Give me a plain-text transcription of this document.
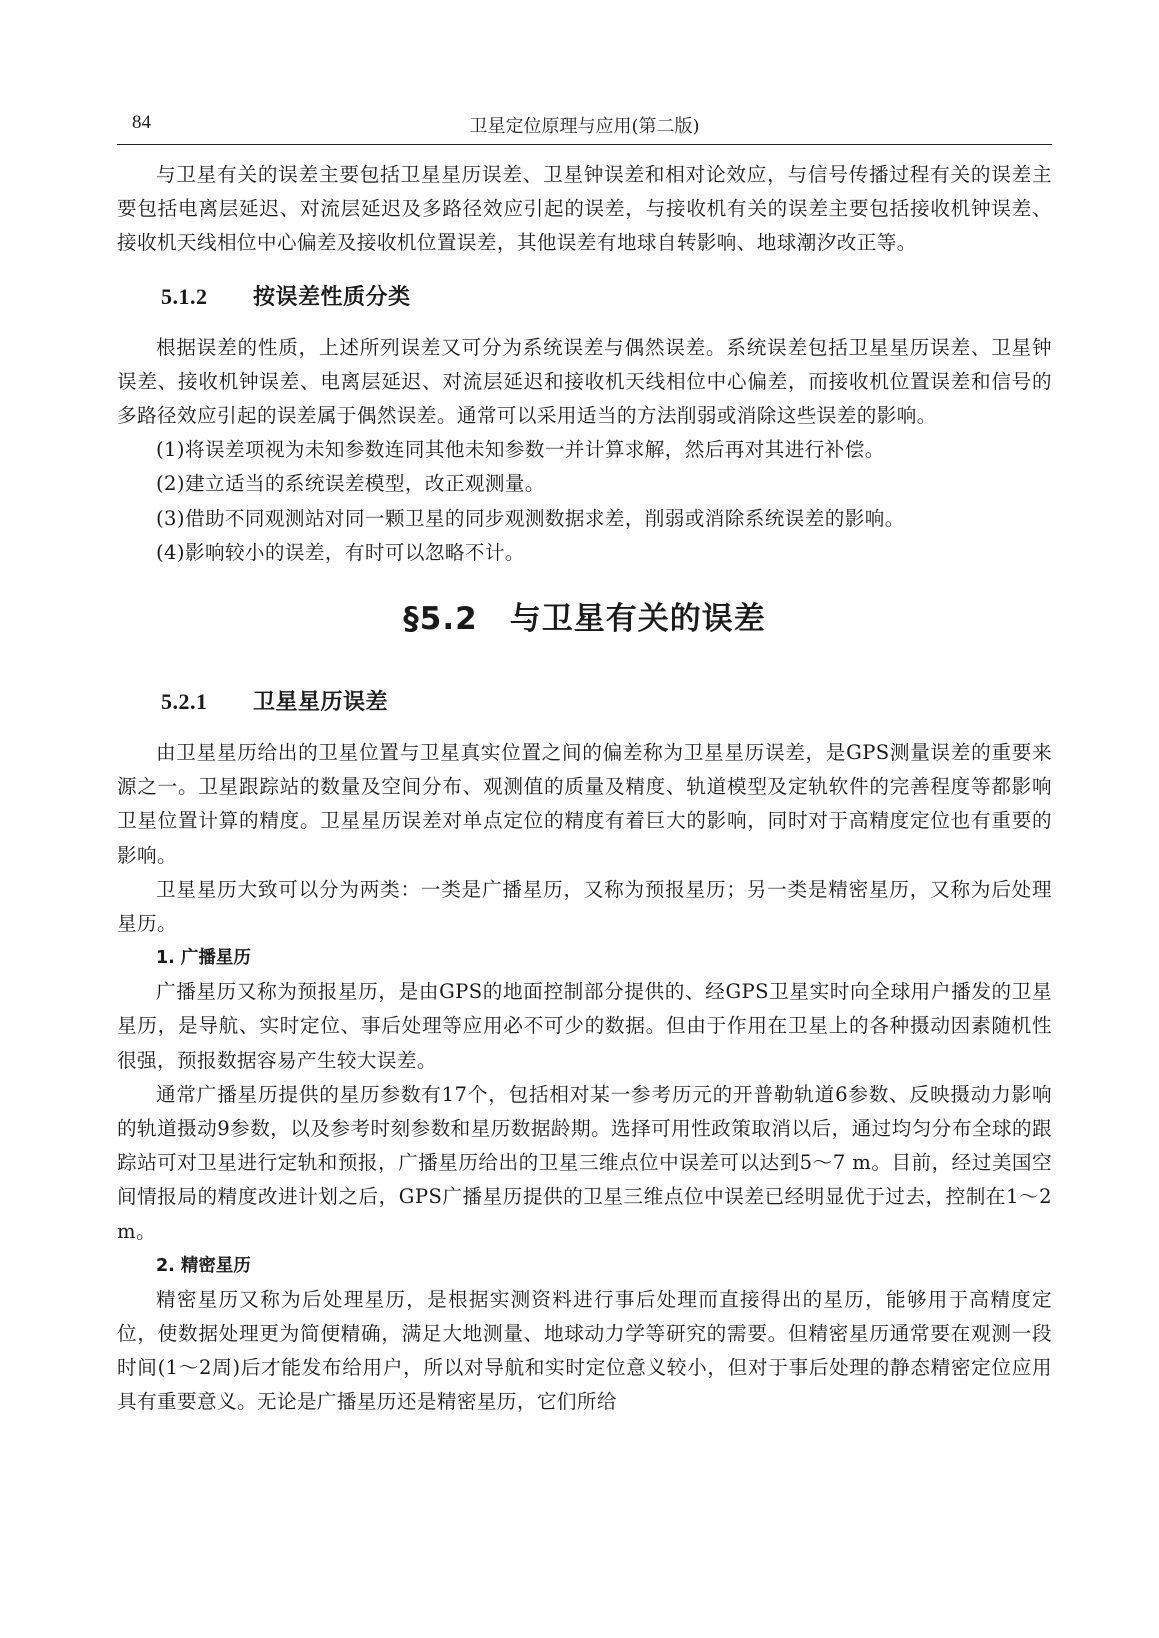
84	卫星定位原理与应用(第二版)

与卫星有关的误差主要包括卫星星历误差、卫星钟误差和相对论效应，与信号传播过程有关的误差主要包括电离层延迟、对流层延迟及多路径效应引起的误差，与接收机有关的误差主要包括接收机钟误差、接收机天线相位中心偏差及接收机位置误差，其他误差有地球自转影响、地球潮汐改正等。

5.1.2 按误差性质分类

根据误差的性质，上述所列误差又可分为系统误差与偶然误差。系统误差包括卫星星历误差、卫星钟误差、接收机钟误差、电离层延迟、对流层延迟和接收机天线相位中心偏差，而接收机位置误差和信号的多路径效应引起的误差属于偶然误差。通常可以采用适当的方法削弱或消除这些误差的影响。

(1)将误差项视为未知参数连同其他未知参数一并计算求解，然后再对其进行补偿。

(2)建立适当的系统误差模型，改正观测量。

(3)借助不同观测站对同一颗卫星的同步观测数据求差，削弱或消除系统误差的影响。

(4)影响较小的误差，有时可以忽略不计。

§5.2 与卫星有关的误差
5.2.1 卫星星历误差

由卫星星历给出的卫星位置与卫星真实位置之间的偏差称为卫星星历误差，是GPS测量误差的重要来源之一。卫星跟踪站的数量及空间分布、观测值的质量及精度、轨道模型及定轨软件的完善程度等都影响卫星位置计算的精度。卫星星历误差对单点定位的精度有着巨大的影响，同时对于高精度定位也有重要的影响。

卫星星历大致可以分为两类：一类是广播星历，又称为预报星历；另一类是精密星历，又称为后处理星历。

1. 广播星历

广播星历又称为预报星历，是由GPS的地面控制部分提供的、经GPS卫星实时向全球用户播发的卫星星历，是导航、实时定位、事后处理等应用必不可少的数据。但由于作用在卫星上的各种摄动因素随机性很强，预报数据容易产生较大误差。

通常广播星历提供的星历参数有17个，包括相对某一参考历元的开普勒轨道6参数、反映摄动力影响的轨道摄动9参数，以及参考时刻参数和星历数据龄期。选择可用性政策取消以后，通过均匀分布全球的跟踪站可对卫星进行定轨和预报，广播星历给出的卫星三维点位中误差可以达到5～7 m。目前，经过美国空间情报局的精度改进计划之后，GPS广播星历提供的卫星三维点位中误差已经明显优于过去，控制在1～2 m。

2. 精密星历

精密星历又称为后处理星历，是根据实测资料进行事后处理而直接得出的星历，能够用于高精度定位，使数据处理更为简便精确，满足大地测量、地球动力学等研究的需要。但精密星历通常要在观测一段时间(1～2周)后才能发布给用户，所以对导航和实时定位意义较小，但对于事后处理的静态精密定位应用具有重要意义。无论是广播星历还是精密星历，它们所给
